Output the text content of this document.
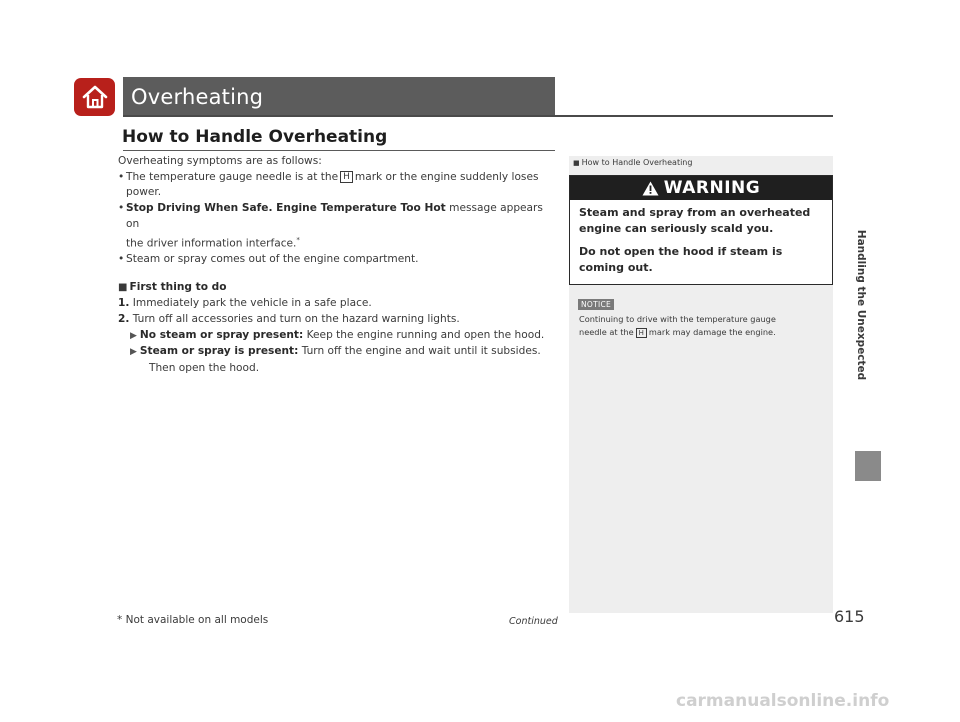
Overheating
How to Handle Overheating

Overheating symptoms are as follows:

• The temperature gauge needle is at the H mark or the engine suddenly loses
power.

• Stop Driving When Safe. Engine Temperature Too Hot message appears on
the driver information interface.*

• Steam or spray comes out of the engine compartment.

■ First thing to do

1. Immediately park the vehicle in a safe place.

2. Turn off all accessories and turn on the hazard warning lights.

▶ No steam or spray present: Keep the engine running and open the hood.

▶ Steam or spray is present: Turn off the engine and wait until it subsides.

Then open the hood.

■ How to Handle Overheating
WARNING

Steam and spray from an overheated engine can seriously scald you.

Do not open the hood if steam is coming out.

NOTICE

Continuing to drive with the temperature gauge

needle at the H mark may damage the engine.	Handling the Unexpected
* Not available on all models	Continued	615
carmanualsonline.info
